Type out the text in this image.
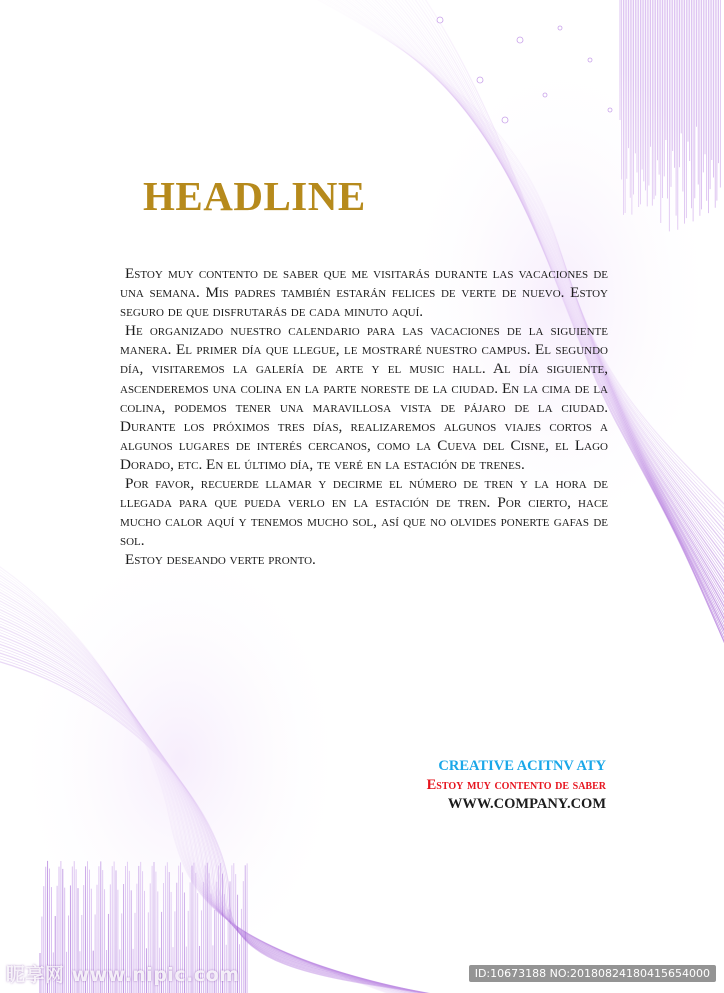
HEADLINE

Estoy muy contento de saber que me visitarás durante las vacaciones de una semana. Mis padres también estarán felices de verte de nuevo. Estoy seguro de que disfrutarás de cada minuto aquí.

He organizado nuestro calendario para las vacaciones de la siguiente manera. El primer día que llegue, le mostraré nuestro campus. El segundo día, visitaremos la galería de arte y el music hall. Al día siguiente, ascenderemos una colina en la parte noreste de la ciudad. En la cima de la colina, podemos tener una maravillosa vista de pájaro de la ciudad. Durante los próximos tres días, realizaremos algunos viajes cortos a algunos lugares de interés cercanos, como la Cueva del Cisne, el Lago Dorado, etc. En el último día, te veré en la estación de trenes.

Por favor, recuerde llamar y decirme el número de tren y la hora de llegada para que pueda verlo en la estación de tren. Por cierto, hace mucho calor aquí y tenemos mucho sol, así que no olvides ponerte gafas de sol.

Estoy deseando verte pronto.

CREATIVE ACITNV ATY
Estoy muy contento de saber
WWW.COMPANY.COM
昵享网 www.nipic.com	ID:10673188 NO:20180824180415654000
